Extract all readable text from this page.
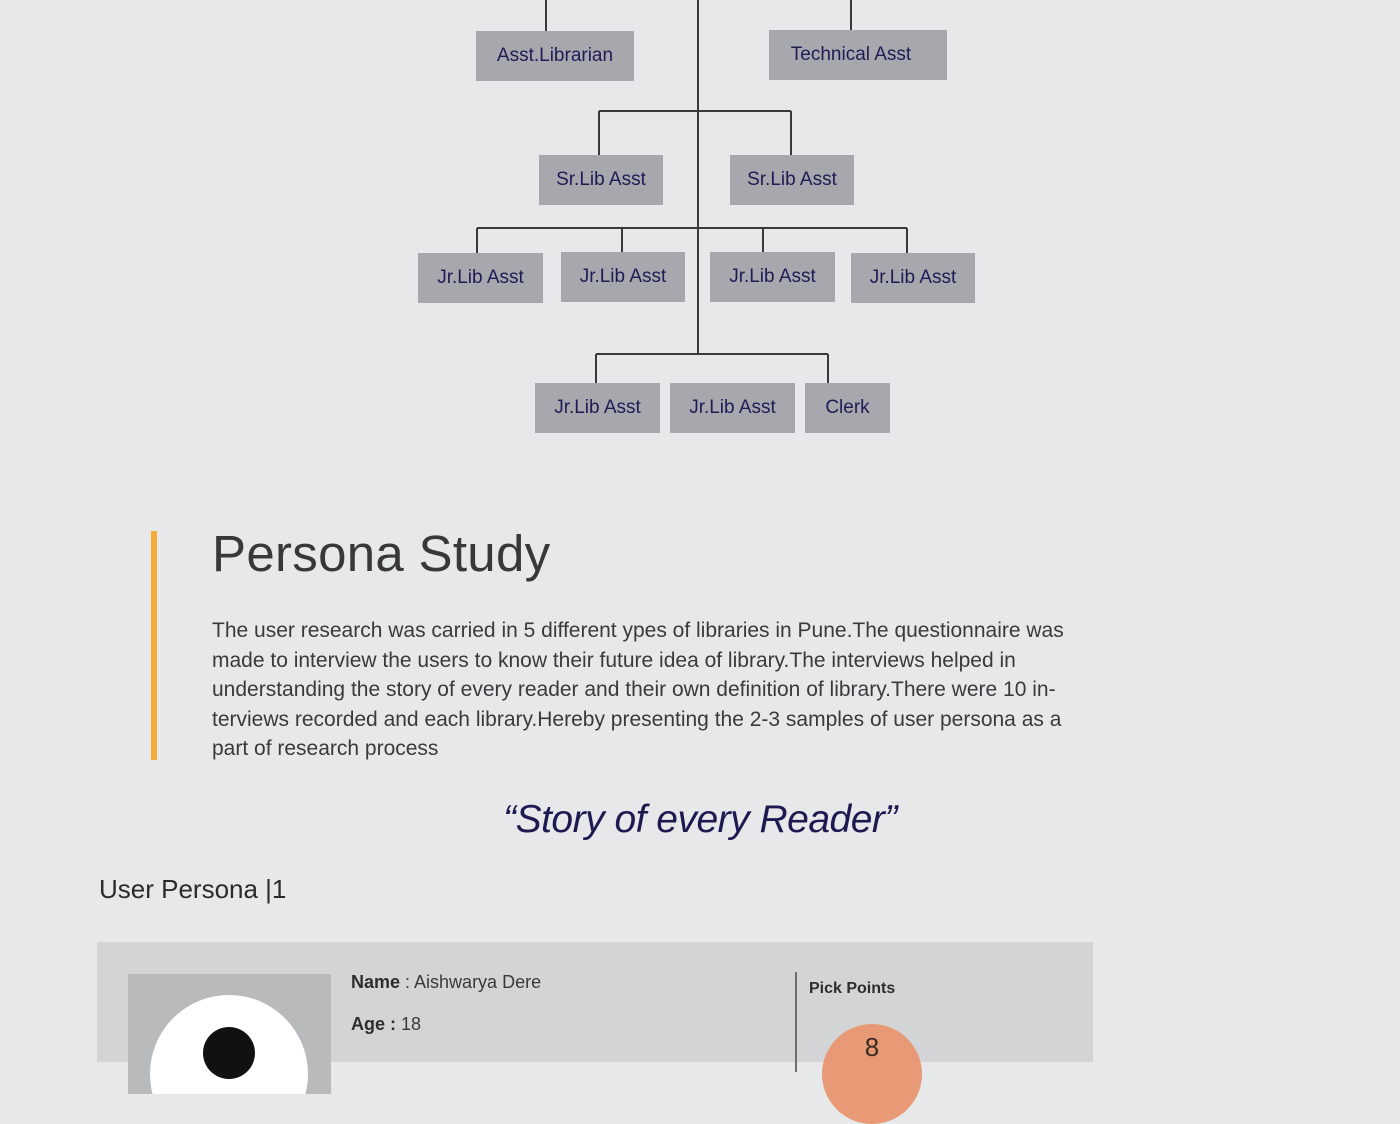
Asst.Librarian	Technical Asst
Sr.Lib Asst	Sr.Lib Asst
Jr.Lib Asst	Jr.Lib Asst	Jr.Lib Asst	Jr.Lib Asst
Jr.Lib Asst	Jr.Lib Asst	Clerk
Persona Study

The user research was carried in 5 different ypes of libraries in Pune.The questionnaire was made to interview the users to know their future idea of library.The interviews helped in understanding the story of every reader and their own definition of library.There were 10 in-terviews recorded and each library.Hereby presenting the 2-3 samples of user persona as a part of research process

“Story of every Reader”
User Persona |1
Name : Aishwarya Dere
Age : 18
Pick Points
8
